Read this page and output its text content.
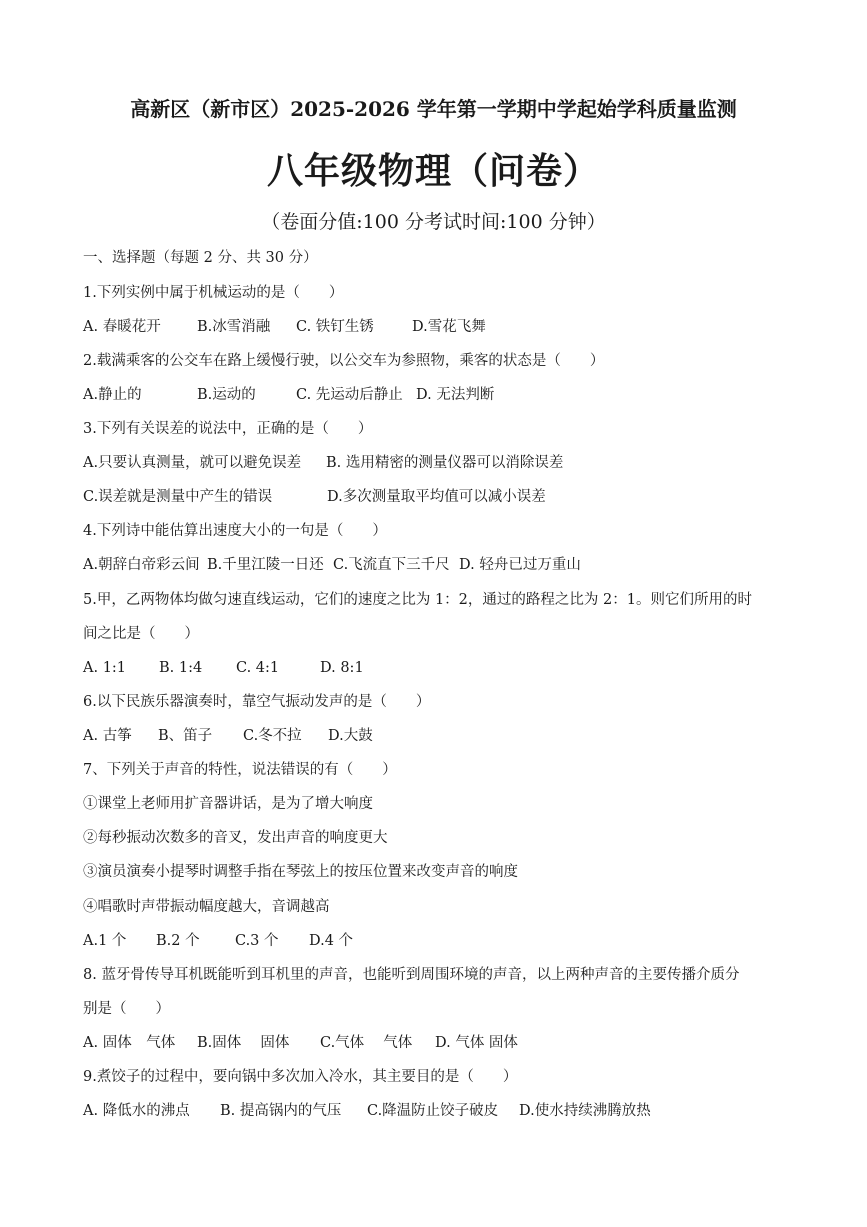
高新区（新市区）2025-2026 学年第一学期中学起始学科质量监测
八年级物理（问卷）
（卷面分值:100 分考试时间:100 分钟）
一、选择题（每题 2 分、共 30 分）
1.下列实例中属于机械运动的是（　　）
A. 春暖花开	B.冰雪消融 C. 铁钉生锈	D.雪花飞舞
2.载满乘客的公交车在路上缓慢行驶，以公交车为参照物，乘客的状态是（　　）
A.静止的	B.运动的	C. 先运动后静止 D. 无法判断
3.下列有关误差的说法中，正确的是（　　）
A.只要认真测量，就可以避免误差 B. 选用精密的测量仪器可以消除误差
C.误差就是测量中产生的错误	D.多次测量取平均值可以减小误差
4.下列诗中能估算出速度大小的一句是（　　）
A.朝辞白帝彩云间 B.千里江陵一日还 C.飞流直下三千尺 D. 轻舟已过万重山
5.甲，乙两物体均做匀速直线运动，它们的速度之比为 1：2，通过的路程之比为 2：1。则它们所用的时
间之比是（　　）
A. 1:1 B. 1:4 C. 4:1	D. 8:1
6.以下民族乐器演奏时，靠空气振动发声的是（　　）
A. 古筝 B、笛子 C.冬不拉 D.大鼓
7、下列关于声音的特性，说法错误的有（　　）
①课堂上老师用扩音器讲话，是为了增大响度
②每秒振动次数多的音叉，发出声音的响度更大
③演员演奏小提琴时调整手指在琴弦上的按压位置来改变声音的响度
④唱歌时声带振动幅度越大，音调越高
A.1 个 B.2 个 C.3 个 D.4 个
8. 蓝牙骨传导耳机既能听到耳机里的声音，也能听到周围环境的声音，以上两种声音的主要传播介质分
别是（　　）
A. 固体　气体 B.固体　 固体 C.气体　 气体 D. 气体 固体
9.煮饺子的过程中，要向锅中多次加入冷水，其主要目的是（　　）
A. 降低水的沸点 B. 提高锅内的气压 C.降温防止饺子破皮 D.使水持续沸腾放热
